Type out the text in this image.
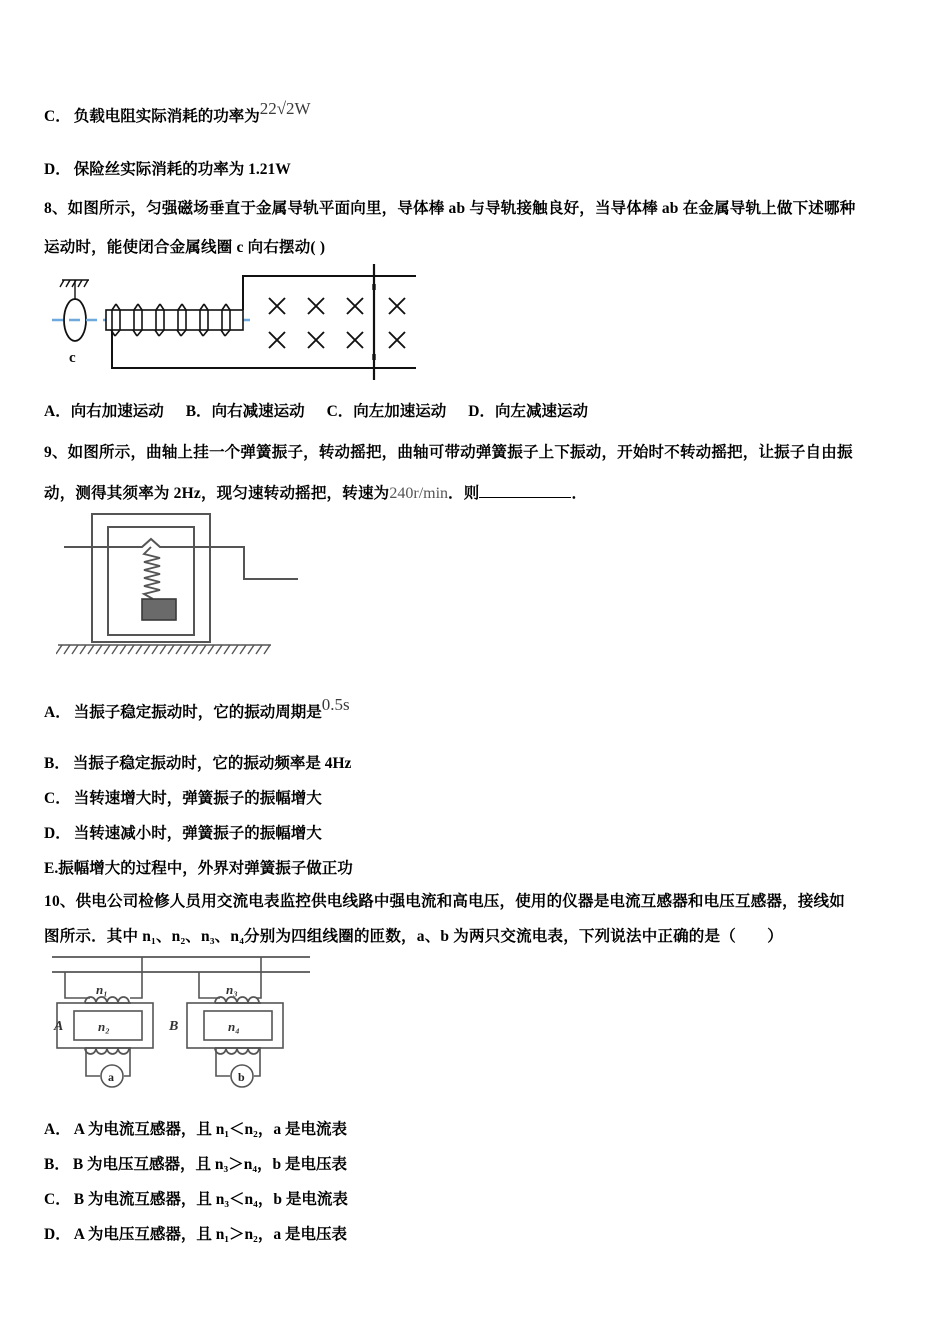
C． 负载电阻实际消耗的功率为22√2W
D． 保险丝实际消耗的功率为 1.21W
8、如图所示，匀强磁场垂直于金属导轨平面向里，导体棒 ab 与导轨接触良好，当导体棒 ab 在金属导轨上做下述哪种
运动时，能使闭合金属线圈 c 向右摆动( )
c
A．向右加速运动 B．向右减速运动 C．向左加速运动 D．向左减速运动
9、如图所示，曲轴上挂一个弹簧振子，转动摇把，曲轴可带动弹簧振子上下振动，开始时不转动摇把，让振子自由振
动，测得其须率为 2Hz，现匀速转动摇把，转速为240r/min．则	．
A． 当振子稳定振动时，它的振动周期是0.5s
B． 当振子稳定振动时，它的振动频率是 4Hz
C． 当转速增大时，弹簧振子的振幅增大
D． 当转速减小时，弹簧振子的振幅增大
E.振幅增大的过程中，外界对弹簧振子做正功
10、供电公司检修人员用交流电表监控供电线路中强电流和高电压，使用的仪器是电流互感器和电压互感器，接线如
图所示．其中 n₁、n₂、n₃、n₄分别为四组线圈的匝数，a、b 为两只交流电表，下列说法中正确的是（　　）
A
n₁
n₂
a
B
n₃
n₄
b
A． A 为电流互感器，且 n₁＜n₂，a 是电流表
B． B 为电压互感器，且 n₃＞n₄，b 是电压表
C． B 为电流互感器，且 n₃＜n₄，b 是电流表
D． A 为电压互感器，且 n₁＞n₂，a 是电压表
